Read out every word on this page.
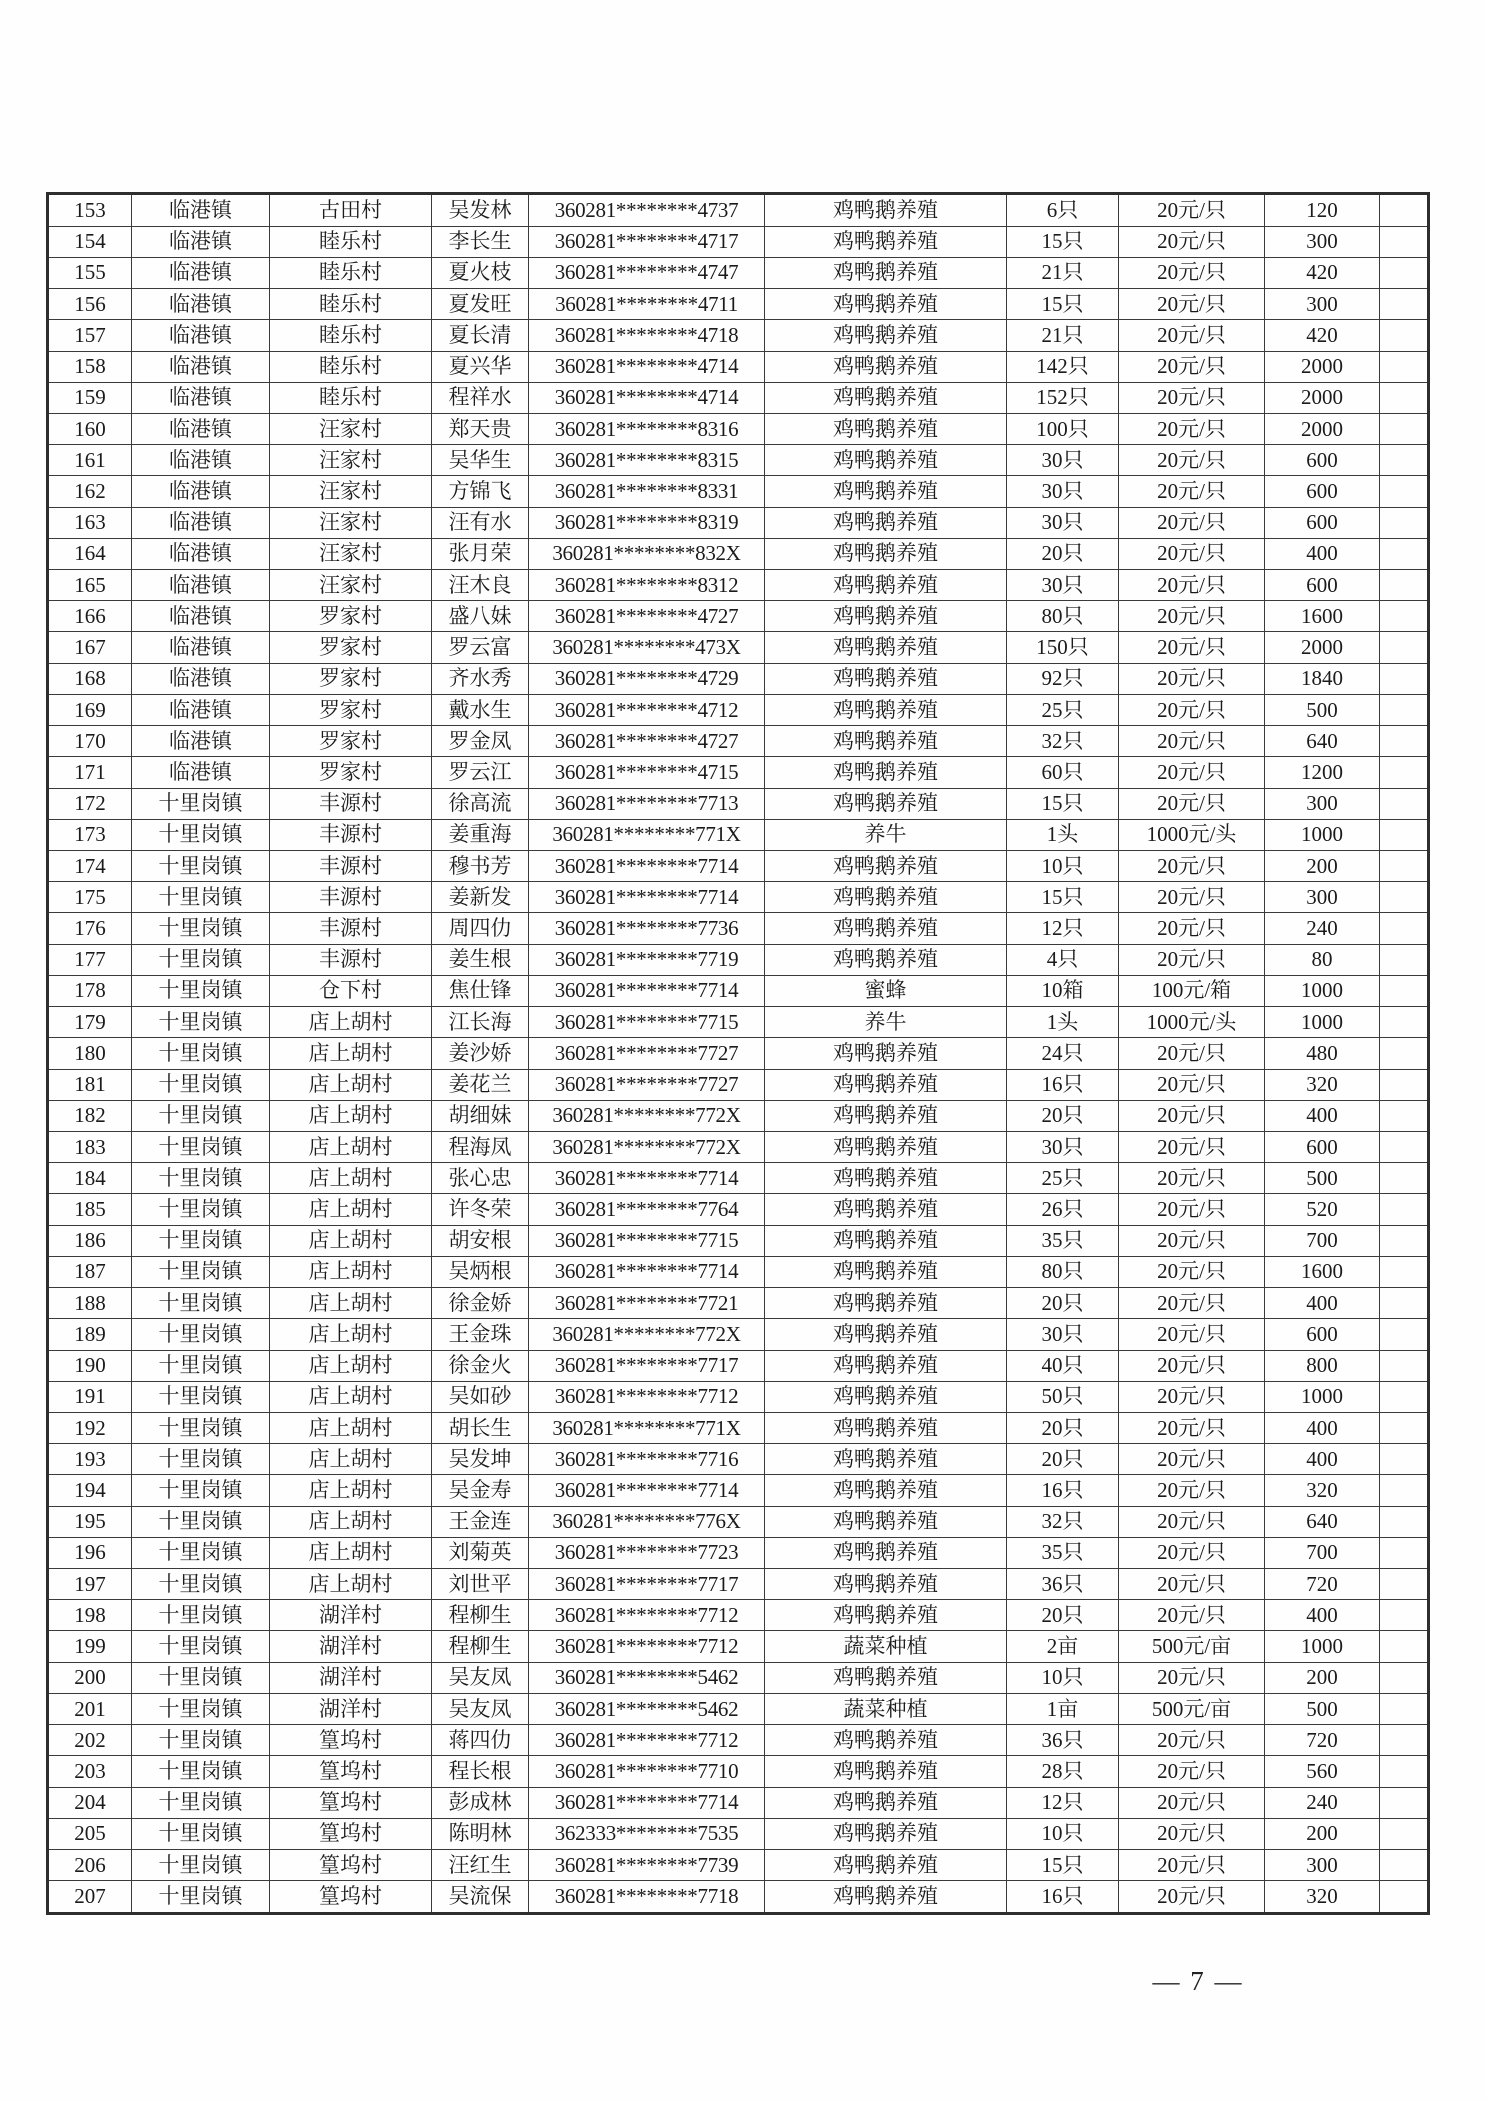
153	临港镇	古田村	吴发林	360281********4737	鸡鸭鹅养殖	6只	20元/只	120	
154	临港镇	睦乐村	李长生	360281********4717	鸡鸭鹅养殖	15只	20元/只	300	
155	临港镇	睦乐村	夏火枝	360281********4747	鸡鸭鹅养殖	21只	20元/只	420	
156	临港镇	睦乐村	夏发旺	360281********4711	鸡鸭鹅养殖	15只	20元/只	300	
157	临港镇	睦乐村	夏长清	360281********4718	鸡鸭鹅养殖	21只	20元/只	420	
158	临港镇	睦乐村	夏兴华	360281********4714	鸡鸭鹅养殖	142只	20元/只	2000	
159	临港镇	睦乐村	程祥水	360281********4714	鸡鸭鹅养殖	152只	20元/只	2000	
160	临港镇	汪家村	郑天贵	360281********8316	鸡鸭鹅养殖	100只	20元/只	2000	
161	临港镇	汪家村	吴华生	360281********8315	鸡鸭鹅养殖	30只	20元/只	600	
162	临港镇	汪家村	方锦飞	360281********8331	鸡鸭鹅养殖	30只	20元/只	600	
163	临港镇	汪家村	汪有水	360281********8319	鸡鸭鹅养殖	30只	20元/只	600	
164	临港镇	汪家村	张月荣	360281********832X	鸡鸭鹅养殖	20只	20元/只	400	
165	临港镇	汪家村	汪木良	360281********8312	鸡鸭鹅养殖	30只	20元/只	600	
166	临港镇	罗家村	盛八妹	360281********4727	鸡鸭鹅养殖	80只	20元/只	1600	
167	临港镇	罗家村	罗云富	360281********473X	鸡鸭鹅养殖	150只	20元/只	2000	
168	临港镇	罗家村	齐水秀	360281********4729	鸡鸭鹅养殖	92只	20元/只	1840	
169	临港镇	罗家村	戴水生	360281********4712	鸡鸭鹅养殖	25只	20元/只	500	
170	临港镇	罗家村	罗金凤	360281********4727	鸡鸭鹅养殖	32只	20元/只	640	
171	临港镇	罗家村	罗云江	360281********4715	鸡鸭鹅养殖	60只	20元/只	1200	
172	十里岗镇	丰源村	徐高流	360281********7713	鸡鸭鹅养殖	15只	20元/只	300	
173	十里岗镇	丰源村	姜重海	360281********771X	养牛	1头	1000元/头	1000	
174	十里岗镇	丰源村	穆书芳	360281********7714	鸡鸭鹅养殖	10只	20元/只	200	
175	十里岗镇	丰源村	姜新发	360281********7714	鸡鸭鹅养殖	15只	20元/只	300	
176	十里岗镇	丰源村	周四仂	360281********7736	鸡鸭鹅养殖	12只	20元/只	240	
177	十里岗镇	丰源村	姜生根	360281********7719	鸡鸭鹅养殖	4只	20元/只	80	
178	十里岗镇	仓下村	焦仕锋	360281********7714	蜜蜂	10箱	100元/箱	1000	
179	十里岗镇	店上胡村	江长海	360281********7715	养牛	1头	1000元/头	1000	
180	十里岗镇	店上胡村	姜沙娇	360281********7727	鸡鸭鹅养殖	24只	20元/只	480	
181	十里岗镇	店上胡村	姜花兰	360281********7727	鸡鸭鹅养殖	16只	20元/只	320	
182	十里岗镇	店上胡村	胡细妹	360281********772X	鸡鸭鹅养殖	20只	20元/只	400	
183	十里岗镇	店上胡村	程海凤	360281********772X	鸡鸭鹅养殖	30只	20元/只	600	
184	十里岗镇	店上胡村	张心忠	360281********7714	鸡鸭鹅养殖	25只	20元/只	500	
185	十里岗镇	店上胡村	许冬荣	360281********7764	鸡鸭鹅养殖	26只	20元/只	520	
186	十里岗镇	店上胡村	胡安根	360281********7715	鸡鸭鹅养殖	35只	20元/只	700	
187	十里岗镇	店上胡村	吴炳根	360281********7714	鸡鸭鹅养殖	80只	20元/只	1600	
188	十里岗镇	店上胡村	徐金娇	360281********7721	鸡鸭鹅养殖	20只	20元/只	400	
189	十里岗镇	店上胡村	王金珠	360281********772X	鸡鸭鹅养殖	30只	20元/只	600	
190	十里岗镇	店上胡村	徐金火	360281********7717	鸡鸭鹅养殖	40只	20元/只	800	
191	十里岗镇	店上胡村	吴如砂	360281********7712	鸡鸭鹅养殖	50只	20元/只	1000	
192	十里岗镇	店上胡村	胡长生	360281********771X	鸡鸭鹅养殖	20只	20元/只	400	
193	十里岗镇	店上胡村	吴发坤	360281********7716	鸡鸭鹅养殖	20只	20元/只	400	
194	十里岗镇	店上胡村	吴金寿	360281********7714	鸡鸭鹅养殖	16只	20元/只	320	
195	十里岗镇	店上胡村	王金连	360281********776X	鸡鸭鹅养殖	32只	20元/只	640	
196	十里岗镇	店上胡村	刘菊英	360281********7723	鸡鸭鹅养殖	35只	20元/只	700	
197	十里岗镇	店上胡村	刘世平	360281********7717	鸡鸭鹅养殖	36只	20元/只	720	
198	十里岗镇	湖洋村	程柳生	360281********7712	鸡鸭鹅养殖	20只	20元/只	400	
199	十里岗镇	湖洋村	程柳生	360281********7712	蔬菜种植	2亩	500元/亩	1000	
200	十里岗镇	湖洋村	吴友凤	360281********5462	鸡鸭鹅养殖	10只	20元/只	200	
201	十里岗镇	湖洋村	吴友凤	360281********5462	蔬菜种植	1亩	500元/亩	500	
202	十里岗镇	篁坞村	蒋四仂	360281********7712	鸡鸭鹅养殖	36只	20元/只	720	
203	十里岗镇	篁坞村	程长根	360281********7710	鸡鸭鹅养殖	28只	20元/只	560	
204	十里岗镇	篁坞村	彭成林	360281********7714	鸡鸭鹅养殖	12只	20元/只	240	
205	十里岗镇	篁坞村	陈明林	362333********7535	鸡鸭鹅养殖	10只	20元/只	200	
206	十里岗镇	篁坞村	汪红生	360281********7739	鸡鸭鹅养殖	15只	20元/只	300	
207	十里岗镇	篁坞村	吴流保	360281********7718	鸡鸭鹅养殖	16只	20元/只	320	
— 7 —
